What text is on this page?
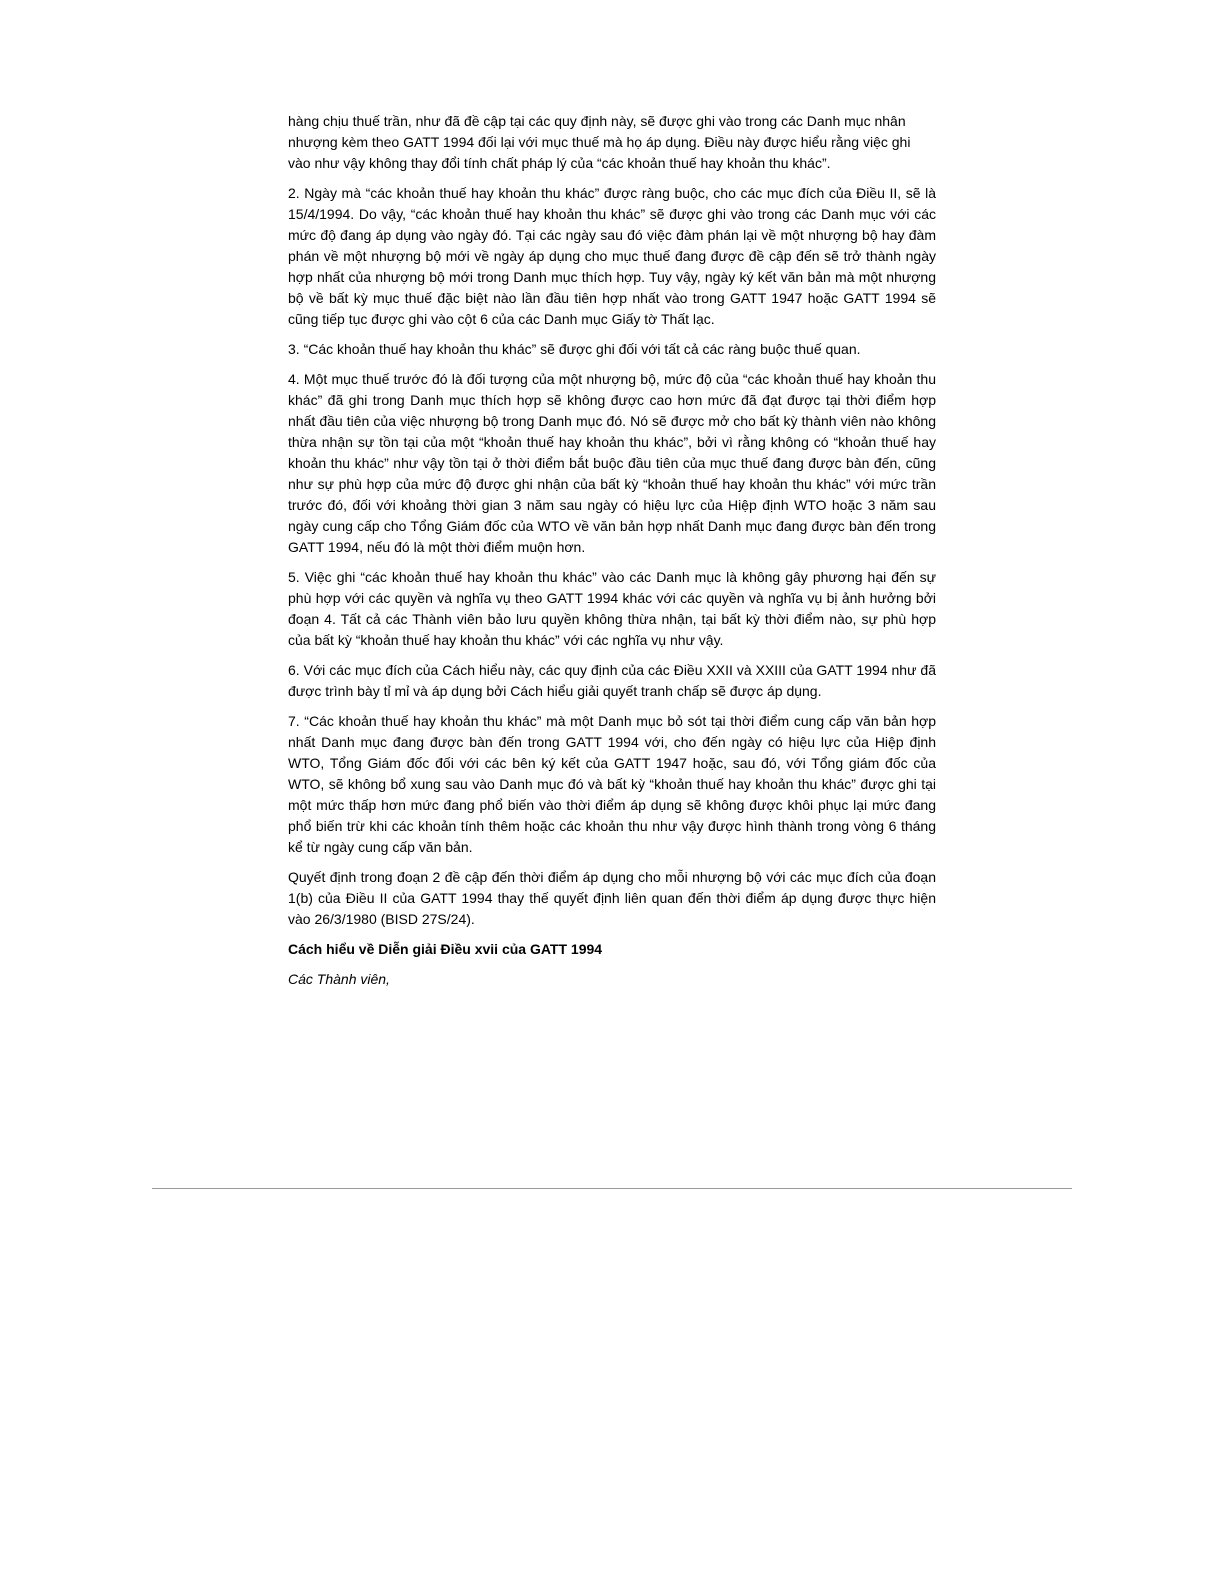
hàng chịu thuế trần, như đã đề cập tại các quy định này, sẽ được ghi vào trong các Danh mục nhân nhượng kèm theo GATT 1994 đối lại với mục thuế mà họ áp dụng. Điều này được hiểu rằng việc ghi vào như vậy không thay đổi tính chất pháp lý của “các khoản thuế hay khoản thu khác”.

2. Ngày mà “các khoản thuế hay khoản thu khác” được ràng buộc, cho các mục đích của Điều II, sẽ là 15/4/1994. Do vậy, “các khoản thuế hay khoản thu khác” sẽ được ghi vào trong các Danh mục với các mức độ đang áp dụng vào ngày đó. Tại các ngày sau đó việc đàm phán lại về một nhượng bộ hay đàm phán về một nhượng bộ mới về ngày áp dụng cho mục thuế đang được đề cập đến sẽ trở thành ngày hợp nhất của nhượng bộ mới trong Danh mục thích hợp. Tuy vậy, ngày ký kết văn bản mà một nhượng bộ về bất kỳ mục thuế đặc biệt nào lần đầu tiên hợp nhất vào trong GATT 1947 hoặc GATT 1994 sẽ cũng tiếp tục được ghi vào cột 6 của các Danh mục Giấy tờ Thất lạc.

3. “Các khoản thuế hay khoản thu khác” sẽ được ghi đối với tất cả các ràng buộc thuế quan.

4. Một mục thuế trước đó là đối tượng của một nhượng bộ, mức độ của “các khoản thuế hay khoản thu khác” đã ghi trong Danh mục thích hợp sẽ không được cao hơn mức đã đạt được tại thời điểm hợp nhất đầu tiên của việc nhượng bộ trong Danh mục đó. Nó sẽ được mở cho bất kỳ thành viên nào không thừa nhận sự tồn tại của một “khoản thuế hay khoản thu khác”, bởi vì rằng không có “khoản thuế hay khoản thu khác” như vậy tồn tại ở thời điểm bắt buộc đầu tiên của mục thuế đang được bàn đến, cũng như sự phù hợp của mức độ được ghi nhận của bất kỳ “khoản thuế hay khoản thu khác” với mức trần trước đó, đối với khoảng thời gian 3 năm sau ngày có hiệu lực của Hiệp định WTO hoặc 3 năm sau ngày cung cấp cho Tổng Giám đốc của WTO về văn bản hợp nhất Danh mục đang được bàn đến trong GATT 1994, nếu đó là một thời điểm muộn hơn.

5. Việc ghi “các khoản thuế hay khoản thu khác” vào các Danh mục là không gây phương hại đến sự phù hợp với các quyền và nghĩa vụ theo GATT 1994 khác với các quyền và nghĩa vụ bị ảnh hưởng bởi đoạn 4. Tất cả các Thành viên bảo lưu quyền không thừa nhận, tại bất kỳ thời điểm nào, sự phù hợp của bất kỳ “khoản thuế hay khoản thu khác” với các nghĩa vụ như vậy.

6. Với các mục đích của Cách hiểu này, các quy định của các Điều XXII và XXIII của GATT 1994 như đã được trình bày tỉ mỉ và áp dụng bởi Cách hiểu giải quyết tranh chấp sẽ được áp dụng.

7. “Các khoản thuế hay khoản thu khác” mà một Danh mục bỏ sót tại thời điểm cung cấp văn bản hợp nhất Danh mục đang được bàn đến trong GATT 1994 với, cho đến ngày có hiệu lực của Hiệp định WTO, Tổng Giám đốc đối với các bên ký kết của GATT 1947 hoặc, sau đó, với Tổng giám đốc của WTO, sẽ không bổ xung sau vào Danh mục đó và bất kỳ “khoản thuế hay khoản thu khác” được ghi tại một mức thấp hơn mức đang phổ biến vào thời điểm áp dụng sẽ không được khôi phục lại mức đang phổ biến trừ khi các khoản tính thêm hoặc các khoản thu như vậy được hình thành trong vòng 6 tháng kể từ ngày cung cấp văn bản.

Quyết định trong đoạn 2 đề cập đến thời điểm áp dụng cho mỗi nhượng bộ với các mục đích của đoạn 1(b) của Điều II của GATT 1994 thay thế quyết định liên quan đến thời điểm áp dụng được thực hiện vào 26/3/1980 (BISD 27S/24).

Cách hiểu về Diễn giải Điều xvii của GATT 1994

Các Thành viên,
